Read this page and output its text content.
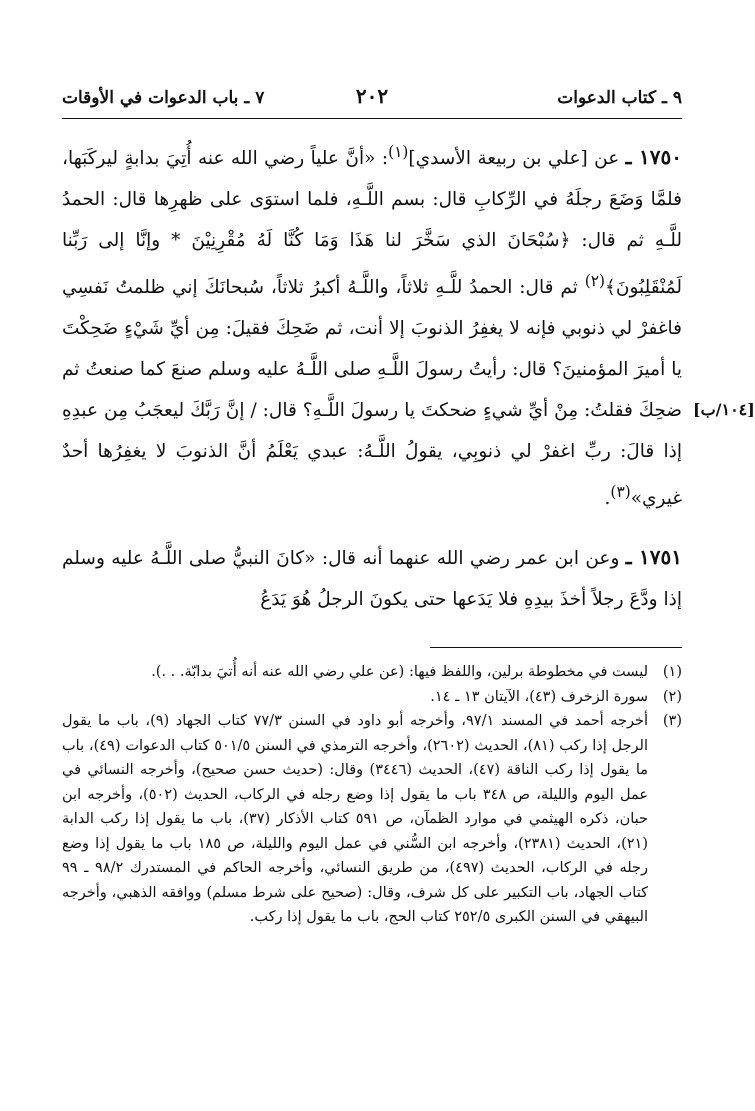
٩ ـ كتاب الدعوات
٢٠٢
٧ ـ باب الدعوات في الأوقات
[١٠٤/ب]

١٧٥٠ ـ عن [علي بن ربيعة الأسدي]$^{(١)}$: «أنَّ علياً رضي الله عنه أُتِيَ بدابةٍ ليركَبَها، فلمَّا وَضَعَ رجلَهُ في الرِّكابِ قال: بسم اللَّـهِ، فلما استوَى على ظهرِها قال: الحمدُ للَّـهِ ثم قال: ﴿سُبْحَانَ الذي سَخَّرَ لنا هَذَا وَمَا كُنَّا لَهُ مُقْرِنِيْنَ * وإنَّا إلى رَبِّنا لَمُنْقَلِبُونَ﴾$^{(٢)}$ ثم قال: الحمدُ للَّـهِ ثلاثاً، واللَّـهُ أكبرُ ثلاثاً، سُبحانَكَ إني ظلمتُ نَفسِي فاغفرْ لي ذنوبي فإنه لا يغفِرُ الذنوبَ إلا أنت، ثم ضَحِكَ فقيلَ: مِن أيِّ شَيْءٍ ضَحِكْتَ يا أميرَ المؤمنينَ؟ قال: رأيتُ رسولَ اللَّـهِ صلى اللَّـهُ عليه وسلم صنعَ كما صنعتُ ثم ضحِكَ فقلتُ: مِنْ أيِّ شيءٍ ضحكتَ يا رسولَ اللَّـهِ؟ قال: / إنَّ رَبَّكَ ليعجَبُ مِن عبدِهِ إذا قالَ: ربِّ اغفرْ لي ذنوبِي، يقولُ اللَّـهُ: عبدي يَعْلَمُ أنَّ الذنوبَ لا يغفِرُها أحدٌ غيري»$^{(٣)}$.

١٧٥١ ـ وعن ابن عمر رضي الله عنهما أنه قال: «كانَ النبيُّ صلى اللَّـهُ عليه وسلم إذا ودَّعَ رجلاً أخذَ بيدِهِ فلا يَدَعها حتى يكونَ الرجلُ هُوَ يَدَعُ

(١)
ليست في مخطوطة برلين، واللفظ فيها: (عن علي رضي الله عنه أنه أُتيَ بدابّة. . .).
(٢)
سورة الزخرف (٤٣)، الآيتان ١٣ ـ ١٤.
(٣)
أخرجه أحمد في المسند ٩٧/١، وأخرجه أبو داود في السنن ٧٧/٣ كتاب الجهاد (٩)، باب ما يقول الرجل إذا ركب (٨١)، الحديث (٢٦٠٢)، وأخرجه الترمذي في السنن ٥٠١/٥ كتاب الدعوات (٤٩)، باب ما يقول إذا ركب الناقة (٤٧)، الحديث (٣٤٤٦) وقال: (حديث حسن صحيح)، وأخرجه النسائي في عمل اليوم والليلة، ص ٣٤٨ باب ما يقول إذا وضع رجله في الركاب، الحديث (٥٠٢)، وأخرجه ابن حبان، ذكره الهيثمي في موارد الظمآن، ص ٥٩١ كتاب الأذكار (٣٧)، باب ما يقول إذا ركب الدابة (٢١)، الحديث (٢٣٨١)، وأخرجه ابن السُّني في عمل اليوم والليلة، ص ١٨٥ باب ما يقول إذا وضع رجله في الركاب، الحديث (٤٩٧)، من طريق النسائي، وأخرجه الحاكم في المستدرك ٩٨/٢ ـ ٩٩ كتاب الجهاد، باب التكبير على كل شرف، وقال: (صحيح على شرط مسلم) ووافقه الذهبي، وأخرجه البيهقي في السنن الكبرى ٢٥٢/٥ كتاب الحج، باب ما يقول إذا ركب.
